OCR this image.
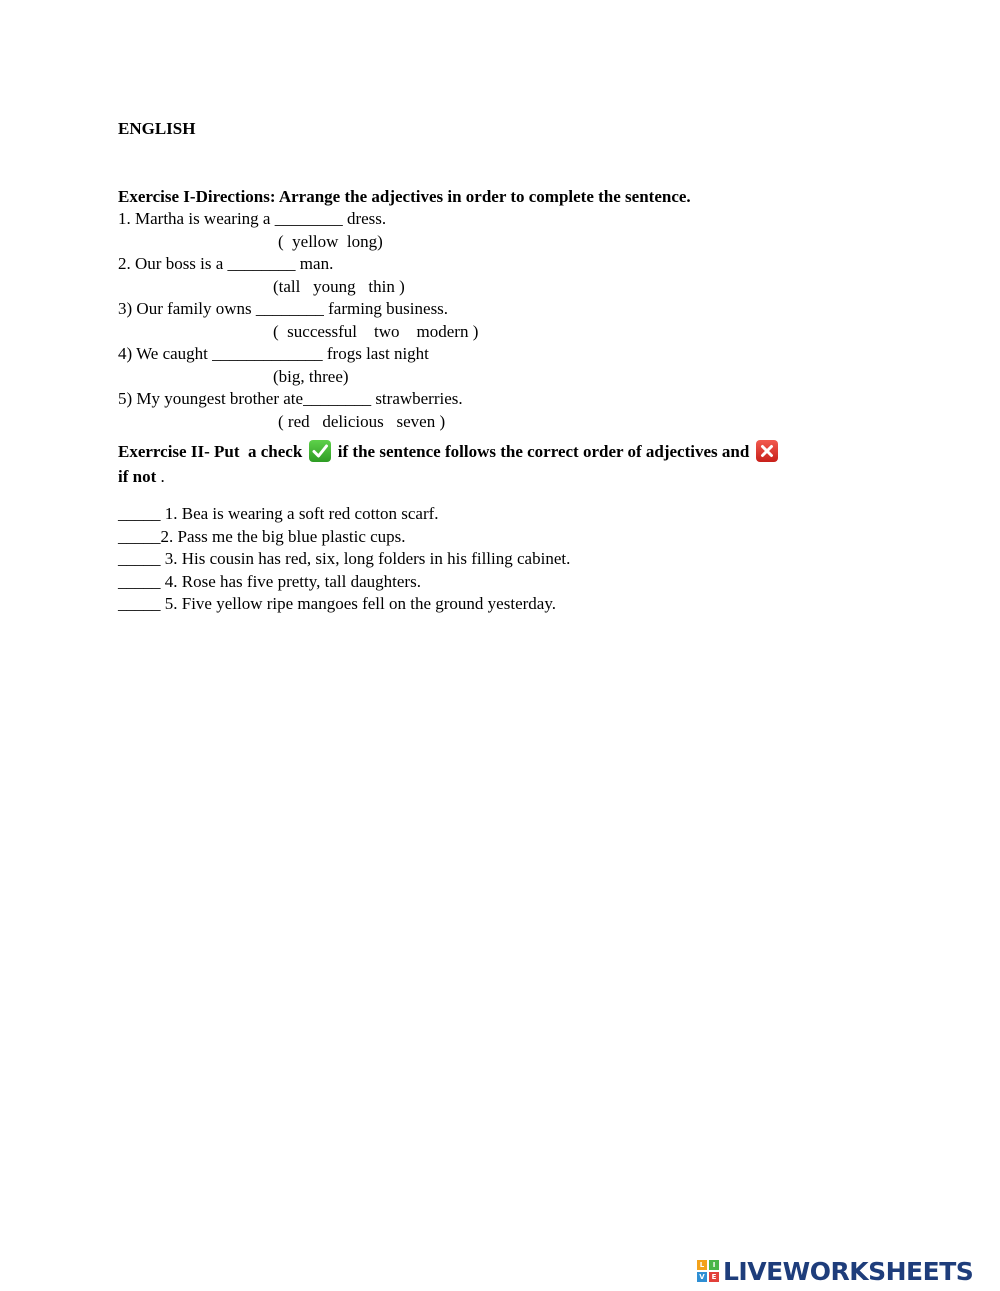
ENGLISH
Exercise I-Directions: Arrange the adjectives in order to complete the sentence.
1. Martha is wearing a ________ dress.
(  yellow  long)
2. Our boss is a ________ man.
(tall   young   thin )
3) Our family owns ________ farming business.
(  successful    two    modern )
4) We caught _____________ frogs last night
(big, three)
5) My youngest brother ate________ strawberries.
( red   delicious   seven )
Exerrcise II- Put  a check
if the sentence follows the correct order of adjectives and
if not .
_____ 1. Bea is wearing a soft red cotton scarf.
_____2. Pass me the big blue plastic cups.
_____ 3. His cousin has red, six, long folders in his filling cabinet.
_____ 4. Rose has five pretty, tall daughters.
_____ 5. Five yellow ripe mangoes fell on the ground yesterday.
L	I
V E LIVEWORKSHEETS
